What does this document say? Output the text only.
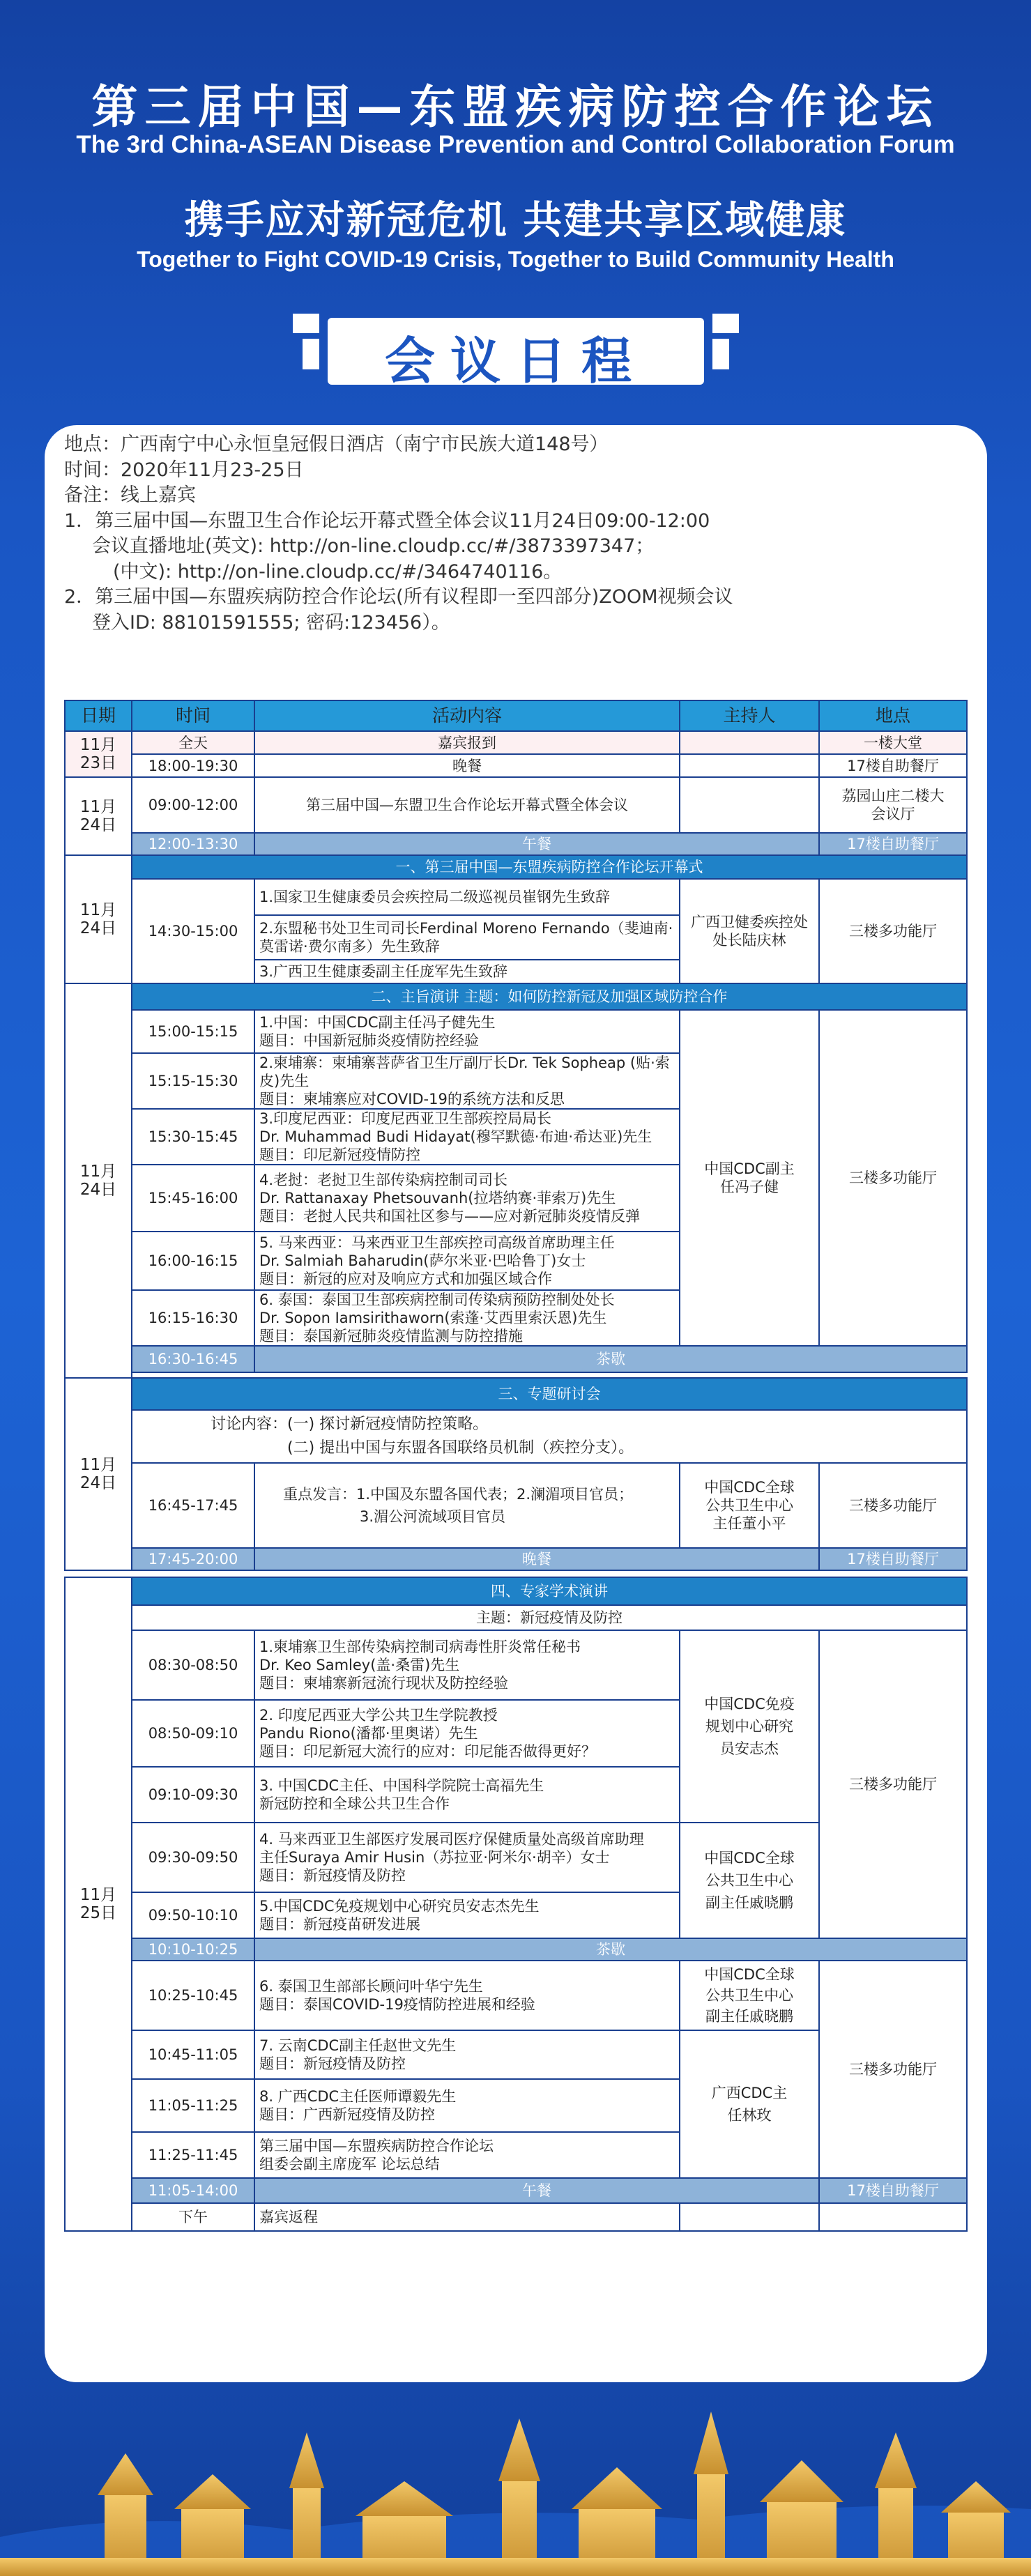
第三届中国—东盟疾病防控合作论坛
The 3rd China-ASEAN Disease Prevention and Control Collaboration Forum
携手应对新冠危机 共建共享区域健康
Together to Fight COVID-19 Crisis, Together to Build Community Health
会议日程
地点：广西南宁中心永恒皇冠假日酒店（南宁市民族大道148号）
时间：2020年11月23-25日
备注：线上嘉宾
1．第三届中国—东盟卫生合作论坛开幕式暨全体会议11月24日09:00-12:00
会议直播地址(英文): http://on-line.cloudp.cc/#/3873397347；
(中文): http://on-line.cloudp.cc/#/3464740116。
2．第三届中国—东盟疾病防控合作论坛(所有议程即一至四部分)ZOOM视频会议
登入ID: 88101591555; 密码:123456）。
日期	时间	活动内容	主持人	地点
11月23日	全天	嘉宾报到		一楼大堂
	18:00-19:30	晚餐		17楼自助餐厅
11月24日	09:00-12:00	第三届中国—东盟卫生合作论坛开幕式暨全体会议		荔园山庄二楼大会议厅
	12:00-13:30	午餐		17楼自助餐厅
11月24日	一、第三届中国—东盟疾病防控合作论坛开幕式			
	14:30-15:00	1.国家卫生健康委员会疾控局二级巡视员崔钢先生致辞	广西卫健委疾控处处长陆庆林	三楼多功能厅
		2.东盟秘书处卫生司司长Ferdinal Moreno Fernando（斐迪南·莫雷诺·费尔南多）先生致辞		
		3.广西卫生健康委副主任庞军先生致辞		
11月24日	二、主旨演讲 主题：如何防控新冠及加强区域防控合作			
	15:00-15:15	1.中国：中国CDC副主任冯子健先生
题目：中国新冠肺炎疫情防控经验	中国CDC副主任冯子健	三楼多功能厅
	15:15-15:30	2.柬埔寨：柬埔寨菩萨省卫生厅副厅长Dr. Tek Sopheap (贴·索皮)先生
题目：柬埔寨应对COVID-19的系统方法和反思		
	15:30-15:45	3.印度尼西亚：印度尼西亚卫生部疾控局局长
Dr. Muhammad Budi Hidayat(穆罕默德·布迪·希达亚)先生
题目：印尼新冠疫情防控		
	15:45-16:00	4.老挝：老挝卫生部传染病控制司司长
Dr. Rattanaxay Phetsouvanh(拉塔纳赛·菲索万)先生
题目：老挝人民共和国社区参与——应对新冠肺炎疫情反弹		
	16:00-16:15	5. 马来西亚：马来西亚卫生部疾控司高级首席助理主任
Dr. Salmiah Baharudin(萨尔米亚·巴哈鲁丁)女士
题目：新冠的应对及响应方式和加强区域合作		
	16:15-16:30	6. 泰国：泰国卫生部疾病控制司传染病预防控制处处长
Dr. Sopon Iamsirithaworn(索蓬·艾西里索沃恩)先生
题目：泰国新冠肺炎疫情监测与防控措施		
	16:30-16:45	茶歇		

11月24日	三、专题研讨会			

	讨论内容：(一) 探讨新冠疫情防控策略。
(二) 提出中国与东盟各国联络员机制（疾控分支）。			

	16:45-17:45	重点发言：1.中国及东盟各国代表；2.澜湄项目官员；
3.湄公河流域项目官员	中国CDC全球公共卫生中心主任董小平	三楼多功能厅
	17:45-20:00	晚餐		17楼自助餐厅

11月25日	四、专家学术演讲			
	主题：新冠疫情及防控			
	08:30-08:50	1.柬埔寨卫生部传染病控制司病毒性肝炎常任秘书
Dr. Keo Samley(盖·桑雷)先生
题目：柬埔寨新冠流行现状及防控经验	中国CDC免疫规划中心研究员安志杰	三楼多功能厅
	08:50-09:10	2. 印度尼西亚大学公共卫生学院教授
Pandu Riono(潘都·里奥诺）先生
题目：印尼新冠大流行的应对：印尼能否做得更好？		
	09:10-09:30	3. 中国CDC主任、中国科学院院士高福先生
新冠防控和全球公共卫生合作		
	09:30-09:50	4. 马来西亚卫生部医疗发展司医疗保健质量处高级首席助理
主任Suraya Amir Husin（苏拉亚·阿米尔·胡辛）女士
题目：新冠疫情及防控	中国CDC全球公共卫生中心副主任戚晓鹏	
	09:50-10:10	5.中国CDC免疫规划中心研究员安志杰先生
题目：新冠疫苗研发进展		
	10:10-10:25	茶歇		
	10:25-10:45	6. 泰国卫生部部长顾问叶华宁先生
题目：泰国COVID-19疫情防控进展和经验	中国CDC全球公共卫生中心副主任戚晓鹏	三楼多功能厅
	10:45-11:05	7. 云南CDC副主任赵世文先生
题目：新冠疫情及防控	广西CDC主任林玫	
	11:05-11:25	8. 广西CDC主任医师谭毅先生
题目：广西新冠疫情及防控		
	11:25-11:45	第三届中国—东盟疾病防控合作论坛
组委会副主席庞军 论坛总结		
	11:05-14:00	午餐		17楼自助餐厅
	下午	嘉宾返程		
